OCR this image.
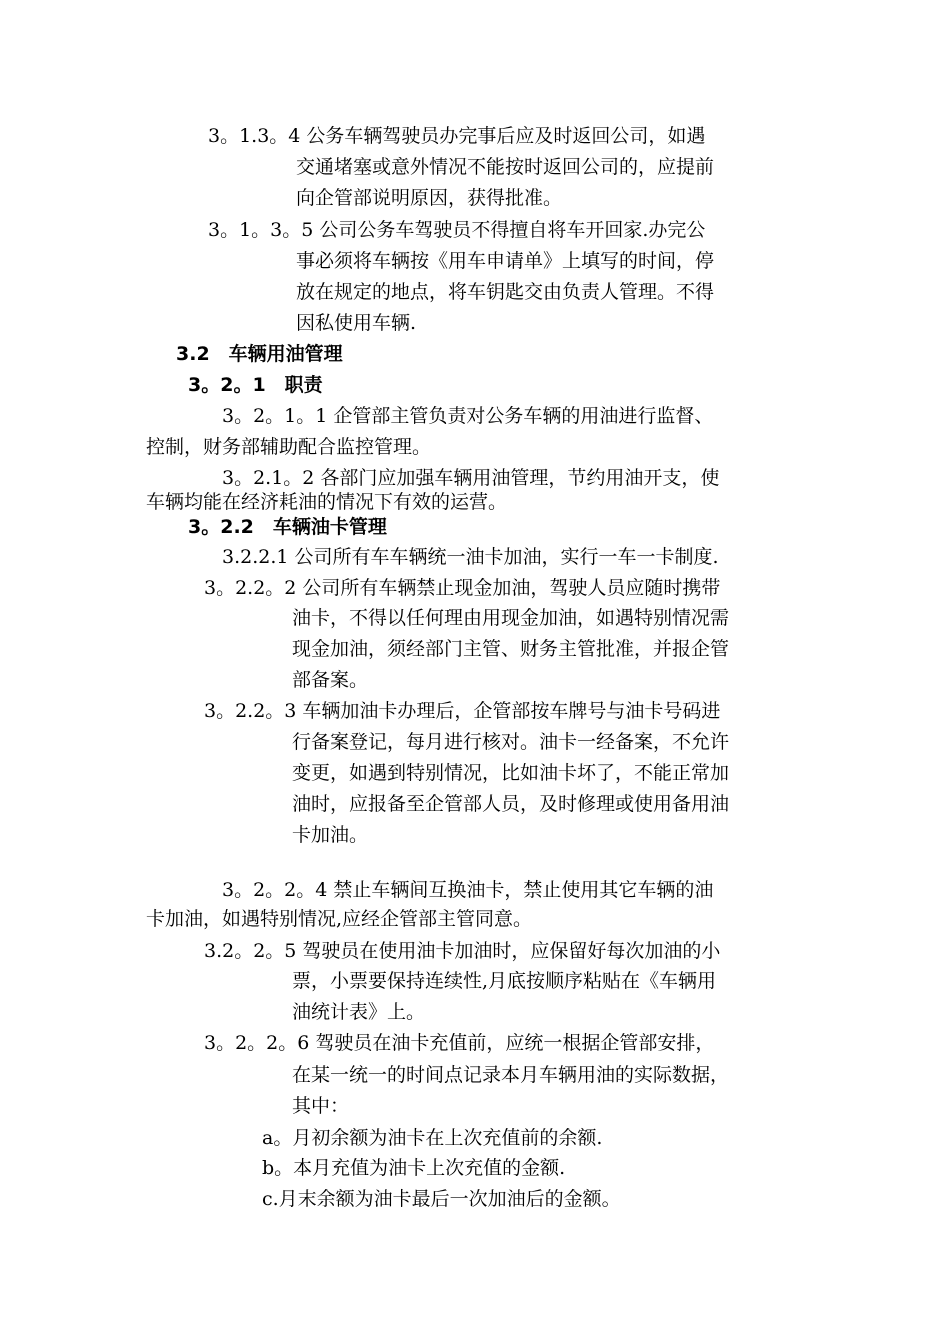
3。1.3。4 公务车辆驾驶员办完事后应及时返回公司，如遇
交通堵塞或意外情况不能按时返回公司的，应提前
向企管部说明原因，获得批准。
3。1。3。5 公司公务车驾驶员不得擅自将车开回家.办完公
事必须将车辆按《用车申请单》上填写的时间，停
放在规定的地点，将车钥匙交由负责人管理。不得
因私使用车辆.
3.2　车辆用油管理
3。2。1　职责
3。2。1。1 企管部主管负责对公务车辆的用油进行监督、
控制，财务部辅助配合监控管理。
3。2.1。2 各部门应加强车辆用油管理，节约用油开支，使
车辆均能在经济耗油的情况下有效的运营。
3。2.2　车辆油卡管理
3.2.2.1 公司所有车车辆统一油卡加油，实行一车一卡制度.
3。2.2。2 公司所有车辆禁止现金加油，驾驶人员应随时携带
油卡，不得以任何理由用现金加油，如遇特别情况需
现金加油，须经部门主管、财务主管批准，并报企管
部备案。
3。2.2。3 车辆加油卡办理后，企管部按车牌号与油卡号码进
行备案登记，每月进行核对。油卡一经备案，不允许
变更，如遇到特别情况，比如油卡坏了，不能正常加
油时，应报备至企管部人员，及时修理或使用备用油
卡加油。
3。2。2。4 禁止车辆间互换油卡，禁止使用其它车辆的油
卡加油，如遇特别情况,应经企管部主管同意。
3.2。2。5 驾驶员在使用油卡加油时，应保留好每次加油的小
票，小票要保持连续性,月底按顺序粘贴在《车辆用
油统计表》上。
3。2。2。6 驾驶员在油卡充值前，应统一根据企管部安排，
在某一统一的时间点记录本月车辆用油的实际数据，
其中：
a。月初余额为油卡在上次充值前的余额.
b。本月充值为油卡上次充值的金额.
c.月末余额为油卡最后一次加油后的金额。
